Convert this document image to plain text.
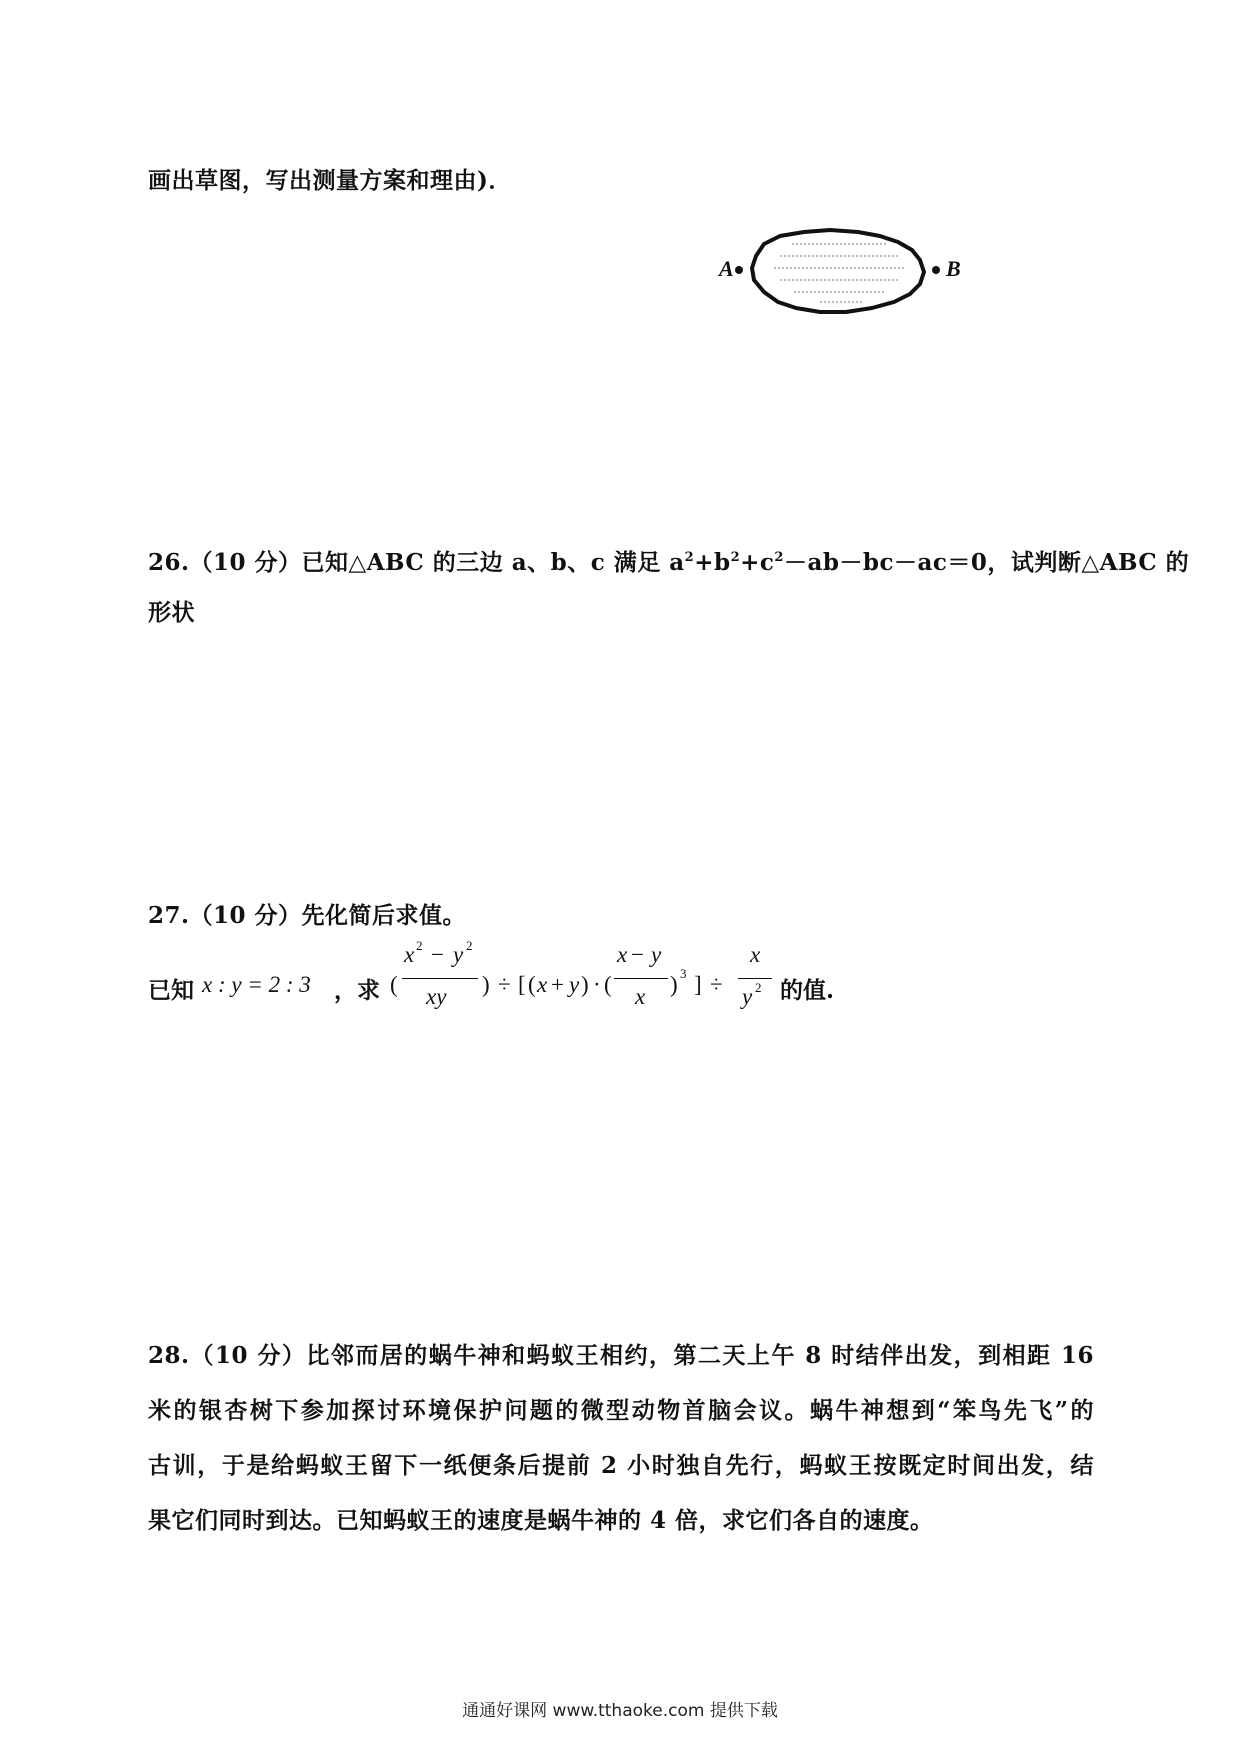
画出草图，写出测量方案和理由)．
A	B
26.（10 分）已知△ABC 的三边 a、b、c 满足 $a^2+b^2+c^2-ab-bc-ac=0$，试判断△ABC 的
形状
27.（10 分）先化简后求值。
已知 x : y = 2 : 3 ，求 (
x 2 − y 2
xy ) ÷ [ ( x + y ) · (
x − y
x ) 3 ] ÷
x
y 2 的值.
28.（10 分）比邻而居的蜗牛神和蚂蚁王相约，第二天上午 8 时结伴出发，到相距 16
米的银杏树下参加探讨环境保护问题的微型动物首脑会议。蜗牛神想到“笨鸟先飞”的
古训，于是给蚂蚁王留下一纸便条后提前 2 小时独自先行，蚂蚁王按既定时间出发，结
果它们同时到达。已知蚂蚁王的速度是蜗牛神的 4 倍，求它们各自的速度。
通通好课网 www.tthaoke.com 提供下载
